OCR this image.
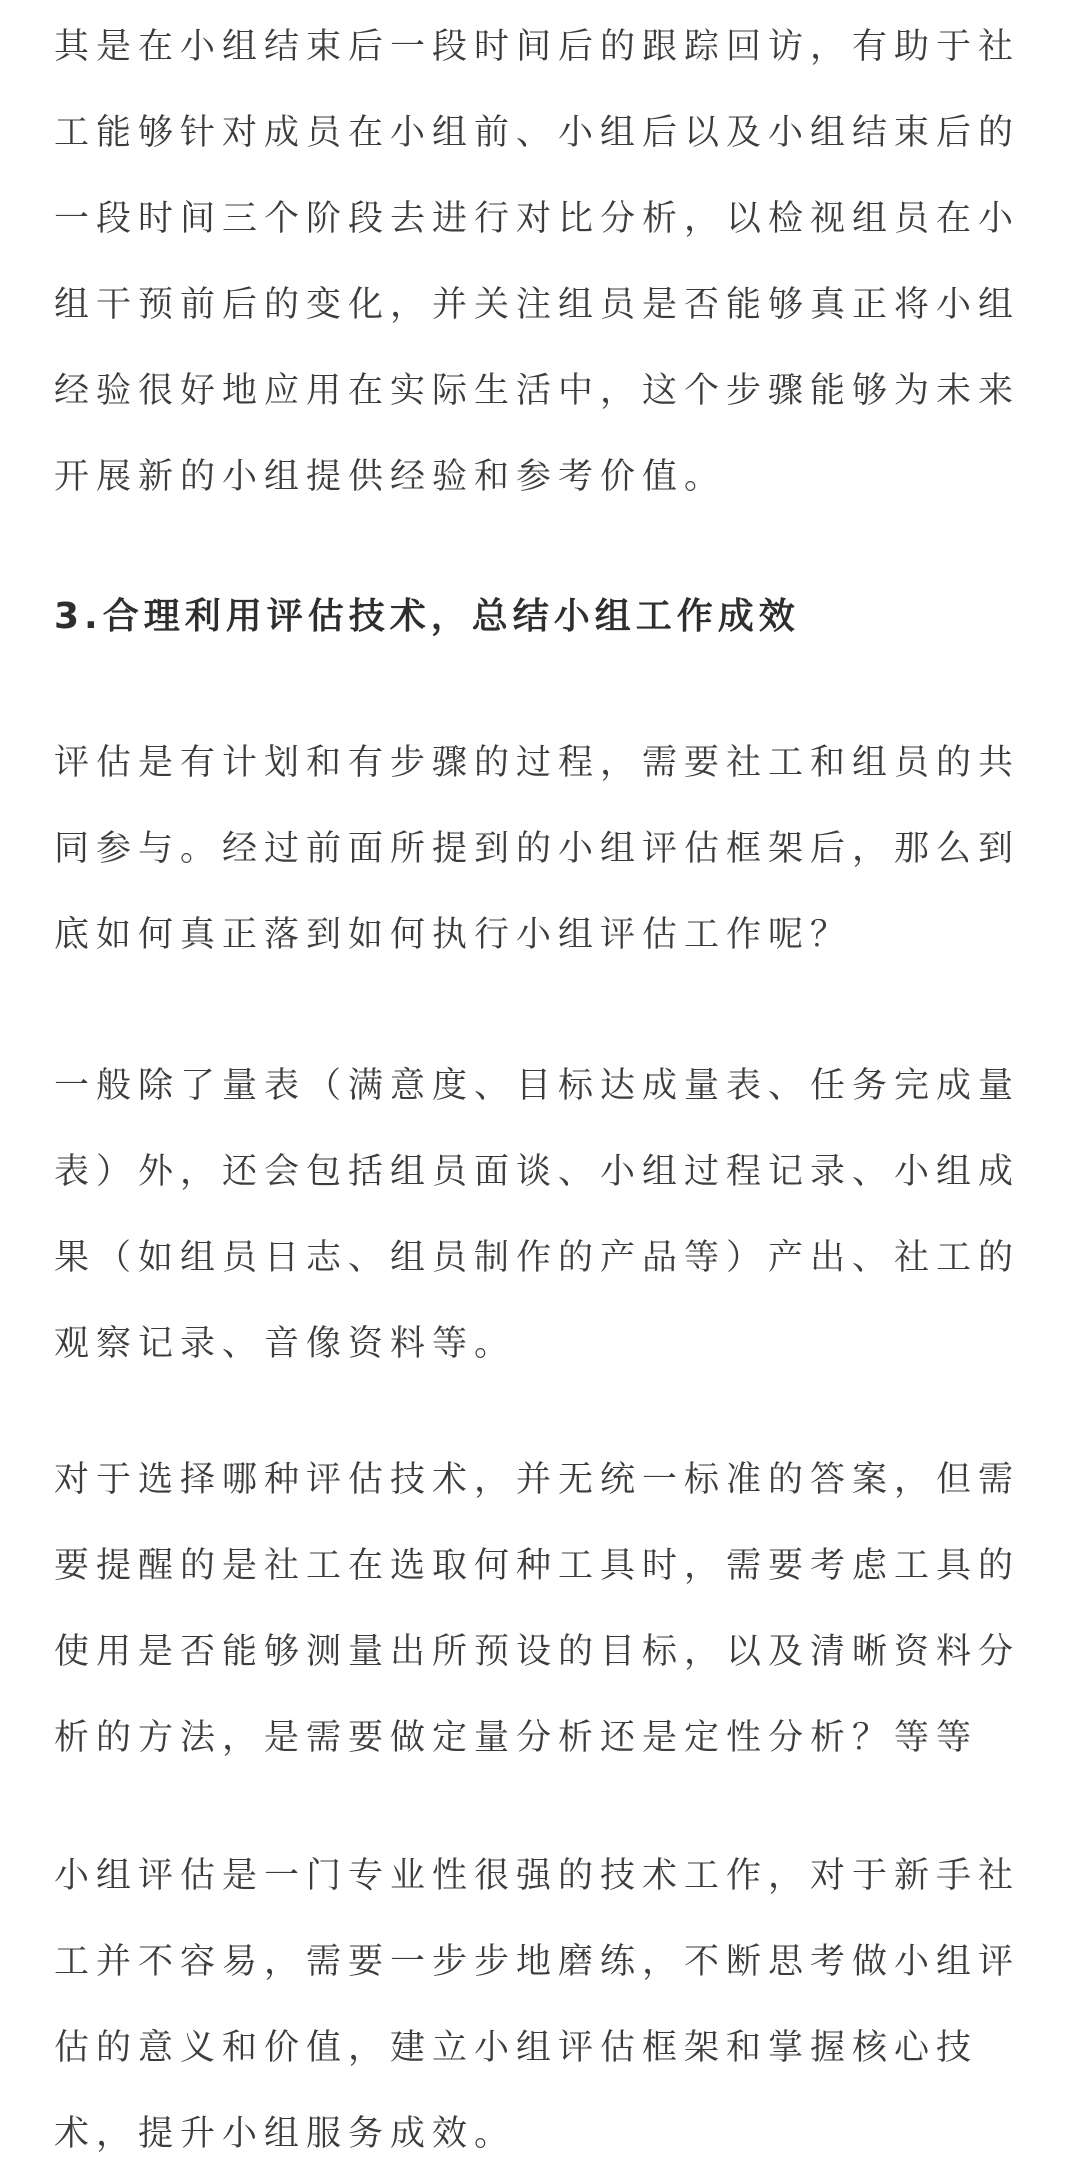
其是在小组结束后一段时间后的跟踪回访，有助于社
工能够针对成员在小组前、小组后以及小组结束后的
一段时间三个阶段去进行对比分析，以检视组员在小
组干预前后的变化，并关注组员是否能够真正将小组
经验很好地应用在实际生活中，这个步骤能够为未来
开展新的小组提供经验和参考价值。
评估是有计划和有步骤的过程，需要社工和组员的共
同参与。经过前面所提到的小组评估框架后，那么到
底如何真正落到如何执行小组评估工作呢？
一般除了量表（满意度、目标达成量表、任务完成量
表）外，还会包括组员面谈、小组过程记录、小组成
果（如组员日志、组员制作的产品等）产出、社工的
观察记录、音像资料等。
对于选择哪种评估技术，并无统一标准的答案，但需
要提醒的是社工在选取何种工具时，需要考虑工具的
使用是否能够测量出所预设的目标，以及清晰资料分
析的方法，是需要做定量分析还是定性分析？等等
小组评估是一门专业性很强的技术工作，对于新手社
工并不容易，需要一步步地磨练，不断思考做小组评
估的意义和价值，建立小组评估框架和掌握核心技
术，提升小组服务成效。
3.合理利用评估技术，总结小组工作成效
